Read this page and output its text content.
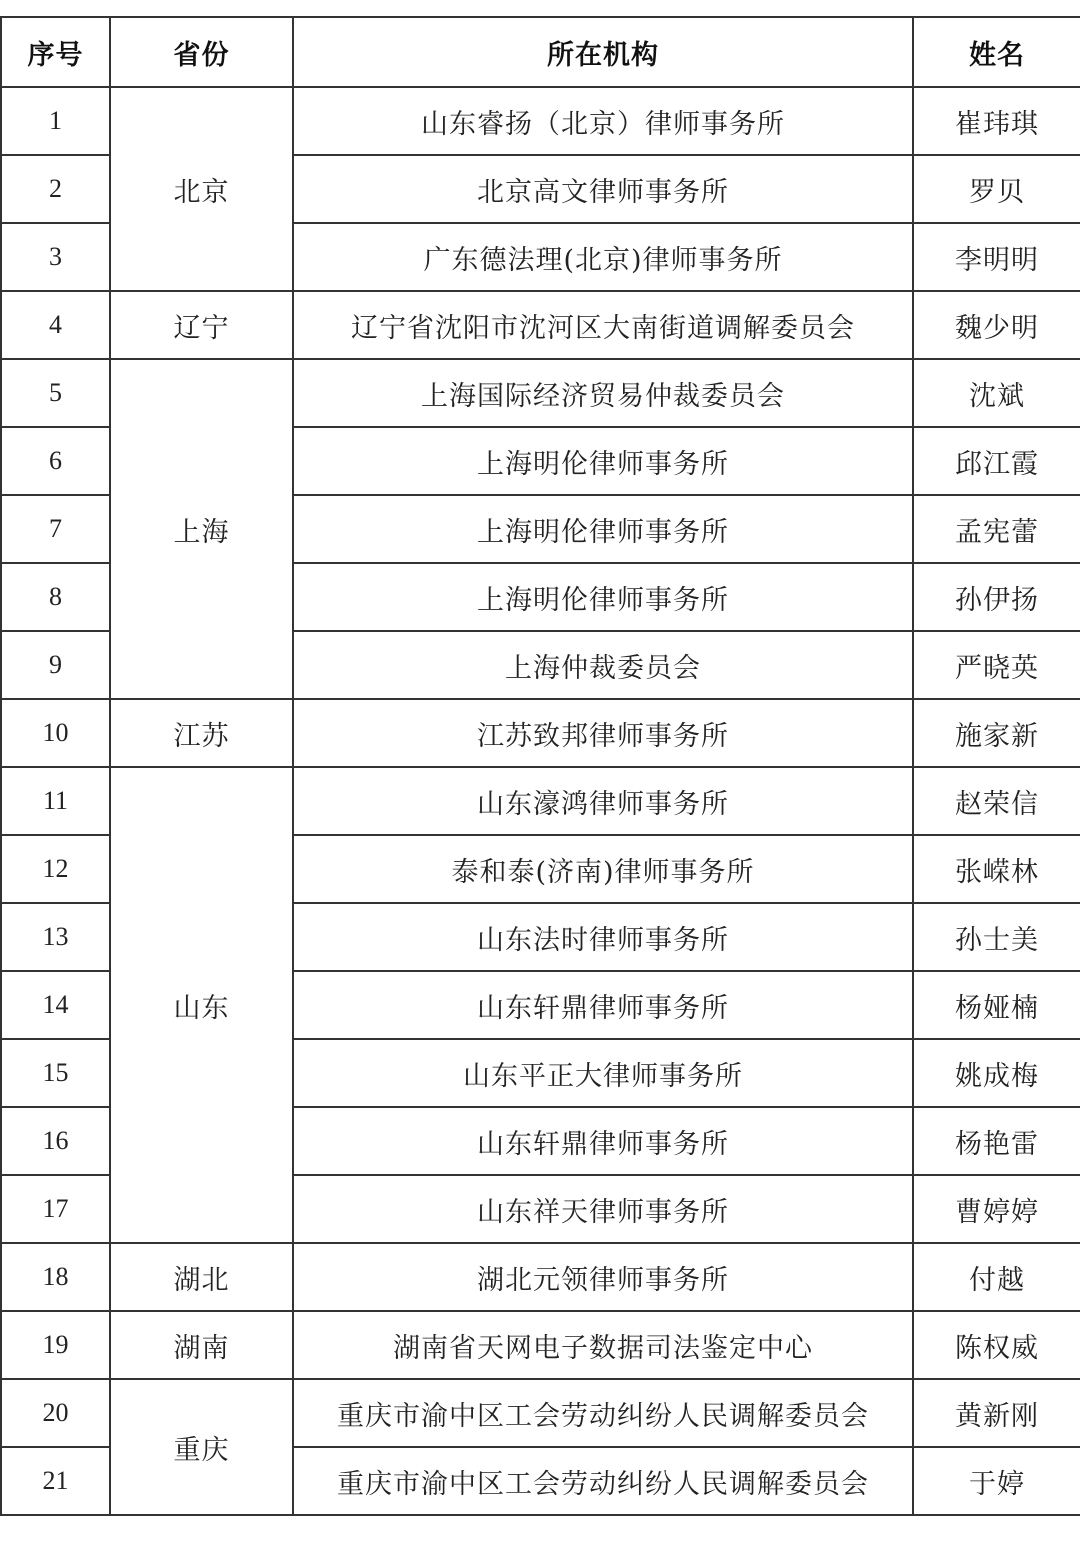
序号	省份	所在机构	姓名
1	北京	山东睿扬（北京）律师事务所	崔玮琪
2		北京高文律师事务所	罗贝
3		广东德法理(北京)律师事务所	李明明
4	辽宁	辽宁省沈阳市沈河区大南街道调解委员会	魏少明
5	上海	上海国际经济贸易仲裁委员会	沈斌
6		上海明伦律师事务所	邱江霞
7		上海明伦律师事务所	孟宪蕾
8		上海明伦律师事务所	孙伊扬
9		上海仲裁委员会	严晓英
10	江苏	江苏致邦律师事务所	施家新
11	山东	山东濠鸿律师事务所	赵荣信
12		泰和泰(济南)律师事务所	张嵘林
13		山东法时律师事务所	孙士美
14		山东轩鼎律师事务所	杨娅楠
15		山东平正大律师事务所	姚成梅
16		山东轩鼎律师事务所	杨艳雷
17		山东祥天律师事务所	曹婷婷
18	湖北	湖北元领律师事务所	付越
19	湖南	湖南省天网电子数据司法鉴定中心	陈权威
20	重庆	重庆市渝中区工会劳动纠纷人民调解委员会	黄新刚
21		重庆市渝中区工会劳动纠纷人民调解委员会	于婷
